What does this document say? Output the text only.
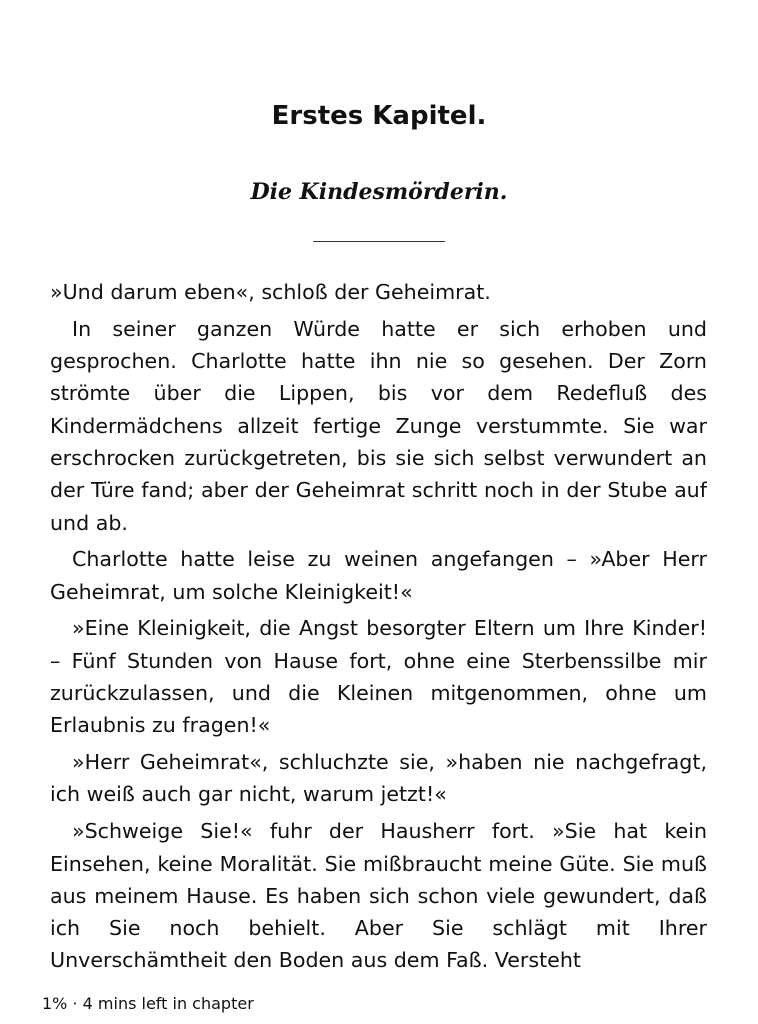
Erstes Kapitel.
Die Kindesmörderin.

»Und darum eben«, schloß der Geheimrat.

In seiner ganzen Würde hatte er sich erhoben und gesprochen. Charlotte hatte ihn nie so gesehen. Der Zorn strömte über die Lippen, bis vor dem Redefluß des Kindermädchens allzeit fertige Zunge verstummte. Sie war erschrocken zurückgetreten, bis sie sich selbst verwundert an der Türe fand; aber der Geheimrat schritt noch in der Stube auf und ab.

Charlotte hatte leise zu weinen angefangen – »Aber Herr Geheimrat, um solche Kleinigkeit!«

»Eine Kleinigkeit, die Angst besorgter Eltern um Ihre Kinder! – Fünf Stunden von Hause fort, ohne eine Sterbenssilbe mir zurückzulassen, und die Kleinen mitgenommen, ohne um Erlaubnis zu fragen!«

»Herr Geheimrat«, schluchzte sie, »haben nie nachgefragt, ich weiß auch gar nicht, warum jetzt!«

»Schweige Sie!« fuhr der Hausherr fort. »Sie hat kein Einsehen, keine Moralität. Sie mißbraucht meine Güte. Sie muß aus meinem Hause. Es haben sich schon viele gewundert, daß ich Sie noch behielt. Aber Sie schlägt mit Ihrer Unverschämtheit den Boden aus dem Faß. Versteht

1% · 4 mins left in chapter
